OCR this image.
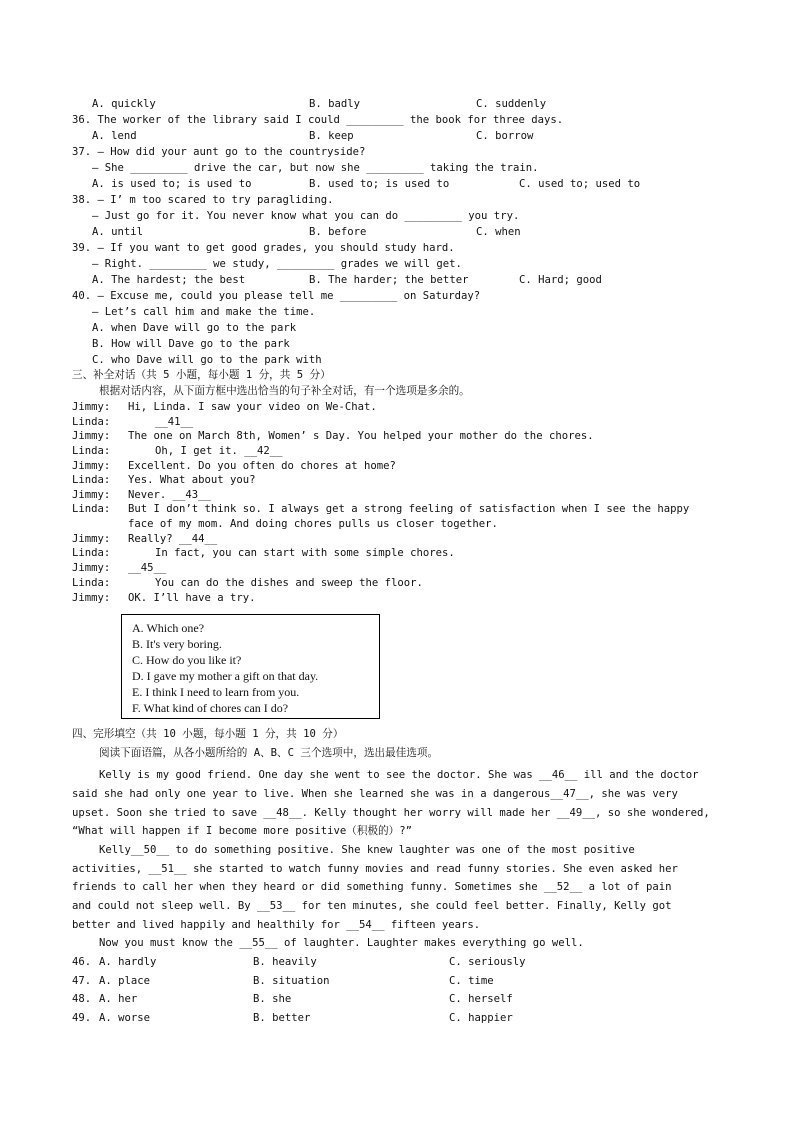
A. quickly	B. badly	C. suddenly
36. The worker of the library said I could _________ the book for three days.
A. lend	B. keep	C. borrow
37. — How did your aunt go to the countryside?
— She _________ drive the car, but now she _________ taking the train.
A. is used to; is used to	B. used to; is used to	C. used to; used to
38. — I’ m too scared to try paragliding.
— Just go for it. You never know what you can do _________ you try.
A. until	B. before	C. when
39. — If you want to get good grades, you should study hard.
— Right. _________ we study, _________ grades we will get.
A. The hardest; the best	B. The harder; the better	C. Hard; good
40. — Excuse me, could you please tell me _________ on Saturday?
— Let’s call him and make the time.
A. when Dave will go to the park
B. How will Dave go to the park
C. who Dave will go to the park with
三、补全对话（共 5 小题，每小题 1 分，共 5 分）
根据对话内容，从下面方框中选出恰当的句子补全对话，有一个选项是多余的。
Jimmy: Hi, Linda. I saw your video on We-Chat.
Linda:	__41__
Jimmy: The one on March 8th, Women’ s Day. You helped your mother do the chores.
Linda:	Oh, I get it. __42__
Jimmy: Excellent. Do you often do chores at home?
Linda: Yes. What about you?
Jimmy: Never. __43__
Linda: But I don’t think so. I always get a strong feeling of satisfaction when I see the happy
face of my mom. And doing chores pulls us closer together.
Jimmy: Really? __44__
Linda:	In fact, you can start with some simple chores.
Jimmy: __45__
Linda:	You can do the dishes and sweep the floor.
Jimmy: OK. I’ll have a try.
A. Which one?
B. It's very boring.
C. How do you like it?
D. I gave my mother a gift on that day.
E. I think I need to learn from you.
F. What kind of chores can I do?
四、完形填空（共 10 小题，每小题 1 分，共 10 分）
阅读下面语篇，从各小题所给的 A、B、C 三个选项中，选出最佳选项。
Kelly is my good friend. One day she went to see the doctor. She was __46__ ill and the doctor
said she had only one year to live. When she learned she was in a dangerous__47__, she was very
upset. Soon she tried to save __48__. Kelly thought her worry will made her __49__, so she wondered,
“What will happen if I become more positive（积极的）?”
Kelly__50__ to do something positive. She knew laughter was one of the most positive
activities, __51__ she started to watch funny movies and read funny stories. She even asked her
friends to call her when they heard or did something funny. Sometimes she __52__ a lot of pain
and could not sleep well. By __53__ for ten minutes, she could feel better. Finally, Kelly got
better and lived happily and healthily for __54__ fifteen years.
Now you must know the __55__ of laughter. Laughter makes everything go well.
46. A. hardly	B. heavily	C. seriously
47. A. place	B. situation	C. time
48. A. her	B. she	C. herself
49. A. worse	B. better	C. happier
